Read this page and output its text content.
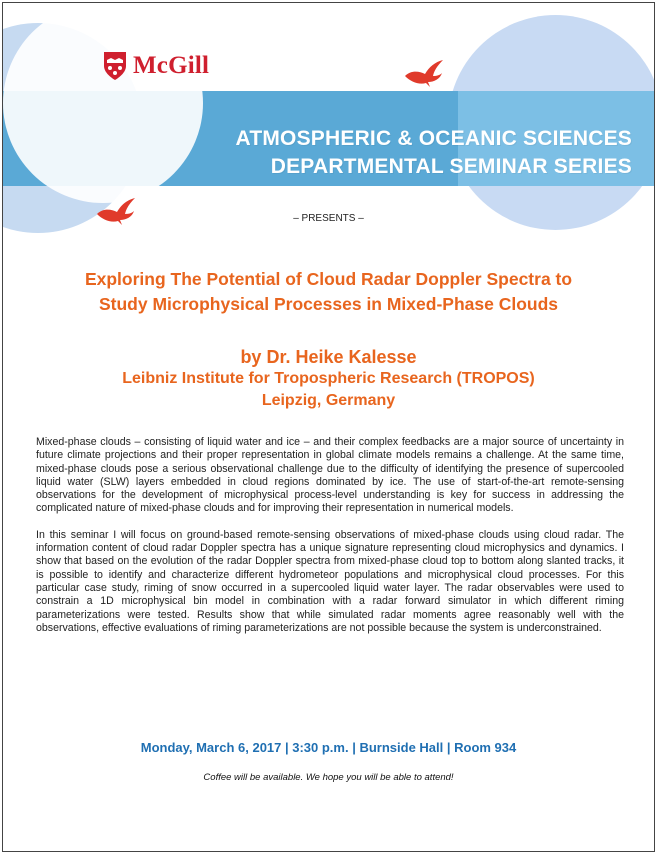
McGill
ATMOSPHERIC & OCEANIC SCIENCES
DEPARTMENTAL SEMINAR SERIES
– PRESENTS –
Exploring The Potential of Cloud Radar Doppler Spectra to
Study Microphysical Processes in Mixed-Phase Clouds
by Dr. Heike Kalesse
Leibniz Institute for Tropospheric Research (TROPOS)
Leipzig, Germany

Mixed-phase clouds – consisting of liquid water and ice – and their complex feedbacks are a major source of uncertainty in future climate projections and their proper representation in global climate models remains a challenge. At the same time, mixed-phase clouds pose a serious observational challenge due to the difficulty of identifying the presence of supercooled liquid water (SLW) layers embedded in cloud regions dominated by ice. The use of start-of-the-art remote-sensing observations for the development of microphysical process-level understanding is key for success in addressing the complicated nature of mixed-phase clouds and for improving their representation in numerical models.

In this seminar I will focus on ground-based remote-sensing observations of mixed-phase clouds using cloud radar. The information content of cloud radar Doppler spectra has a unique signature representing cloud microphysics and dynamics. I show that based on the evolution of the radar Doppler spectra from mixed-phase cloud top to bottom along slanted tracks, it is possible to identify and characterize different hydrometeor populations and microphysical cloud processes. For this particular case study, riming of snow occurred in a supercooled liquid water layer. The radar observables were used to constrain a 1D microphysical bin model in combination with a radar forward simulator in which different riming parameterizations were tested. Results show that while simulated radar moments agree reasonably well with the observations, effective evaluations of riming parameterizations are not possible because the system is underconstrained.

Monday, March 6, 2017 | 3:30 p.m. | Burnside Hall | Room 934
Coffee will be available. We hope you will be able to attend!
